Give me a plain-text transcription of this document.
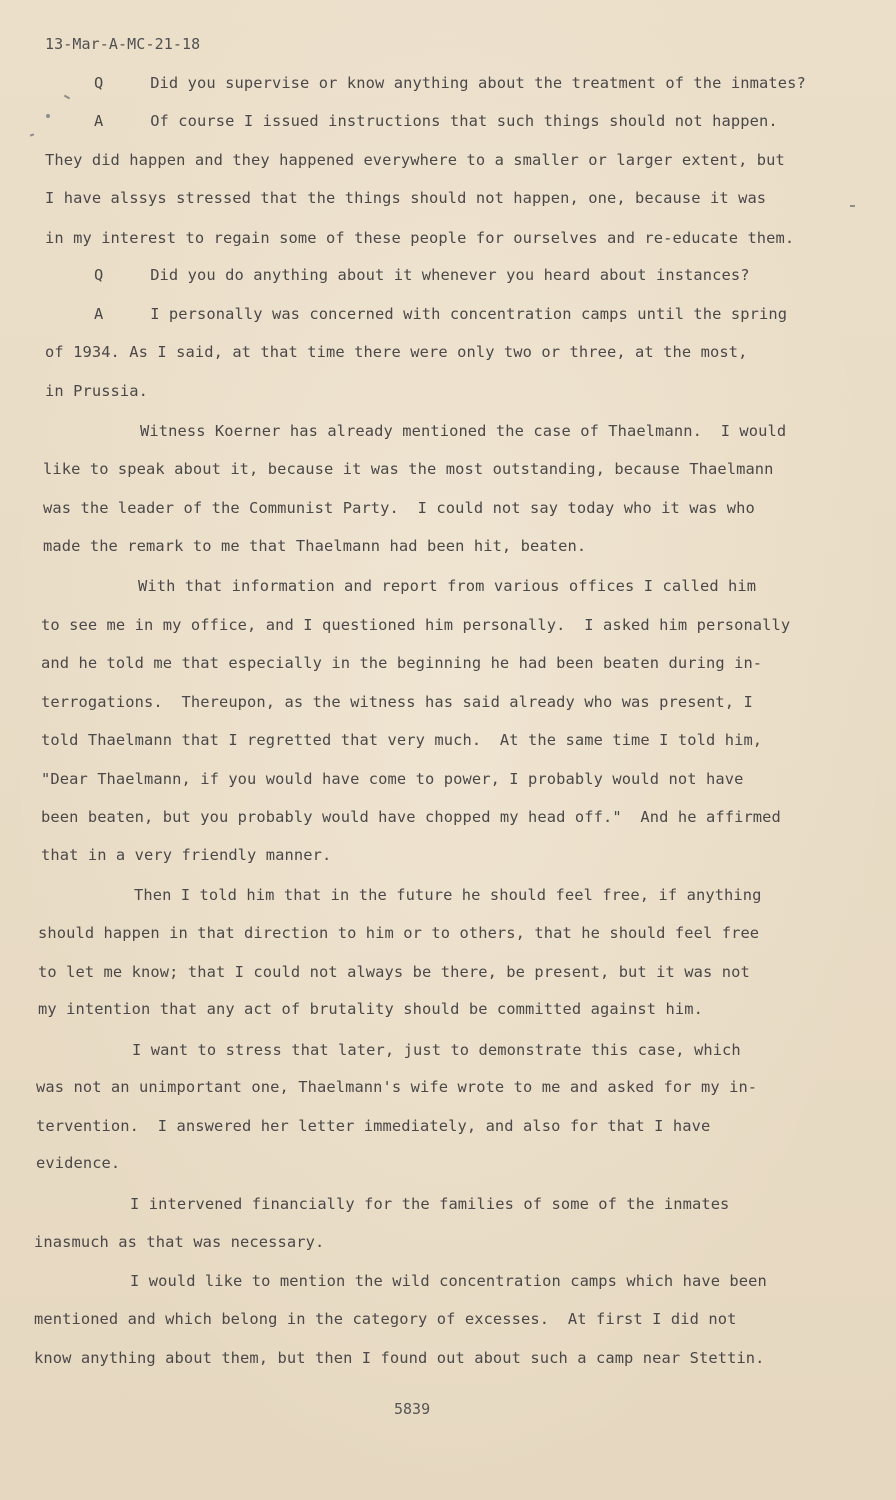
13-Mar-A-MC-21-18
Q     Did you supervise or know anything about the treatment of the inmates?
A     Of course I issued instructions that such things should not happen.
They did happen and they happened everywhere to a smaller or larger extent, but
I have alssys stressed that the things should not happen, one, because it was
in my interest to regain some of these people for ourselves and re-educate them.
Q     Did you do anything about it whenever you heard about instances?
A     I personally was concerned with concentration camps until the spring
of 1934. As I said, at that time there were only two or three, at the most,
in Prussia.
Witness Koerner has already mentioned the case of Thaelmann.  I would
like to speak about it, because it was the most outstanding, because Thaelmann
was the leader of the Communist Party.  I could not say today who it was who
made the remark to me that Thaelmann had been hit, beaten.
With that information and report from various offices I called him
to see me in my office, and I questioned him personally.  I asked him personally
and he told me that especially in the beginning he had been beaten during in-
terrogations.  Thereupon, as the witness has said already who was present, I
told Thaelmann that I regretted that very much.  At the same time I told him,
"Dear Thaelmann, if you would have come to power, I probably would not have
been beaten, but you probably would have chopped my head off."  And he affirmed
that in a very friendly manner.
Then I told him that in the future he should feel free, if anything
should happen in that direction to him or to others, that he should feel free
to let me know; that I could not always be there, be present, but it was not
my intention that any act of brutality should be committed against him.
I want to stress that later, just to demonstrate this case, which
was not an unimportant one, Thaelmann's wife wrote to me and asked for my in-
tervention.  I answered her letter immediately, and also for that I have
evidence.
I intervened financially for the families of some of the inmates
inasmuch as that was necessary.
I would like to mention the wild concentration camps which have been
mentioned and which belong in the category of excesses.  At first I did not
know anything about them, but then I found out about such a camp near Stettin.
5839
